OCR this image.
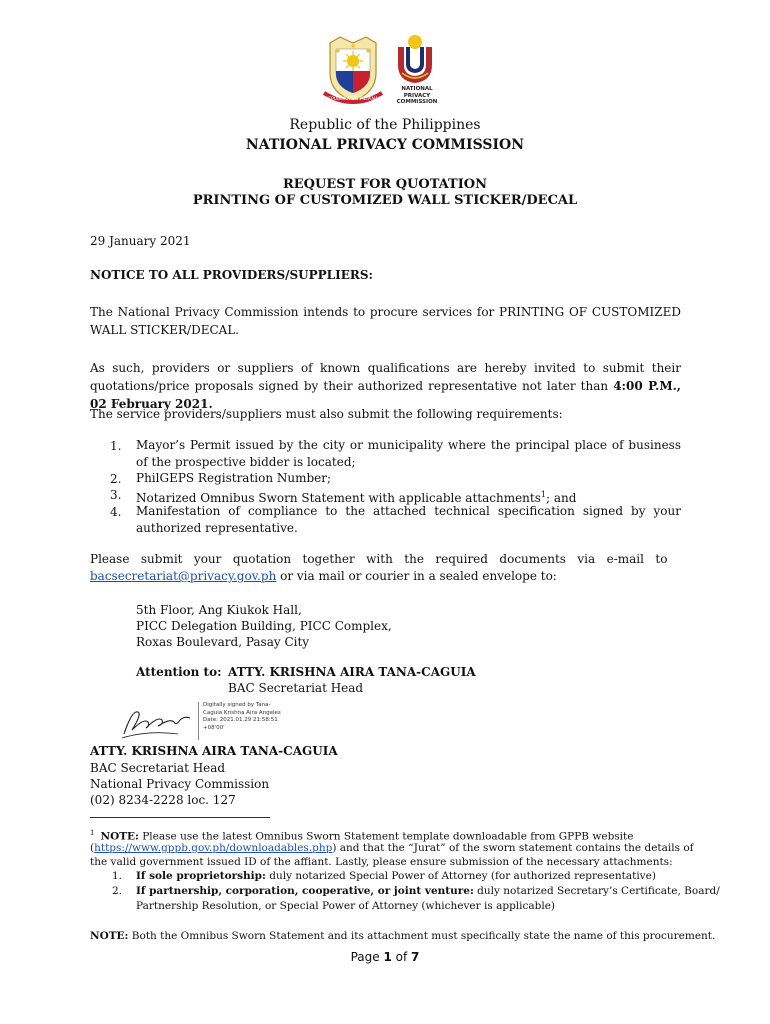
REPUBLIKA NG PILIPINAS
NATIONAL
PRIVACY
COMMISSION
Republic of the Philippines
NATIONAL PRIVACY COMMISSION
REQUEST FOR QUOTATION
PRINTING OF CUSTOMIZED WALL STICKER/DECAL
29 January 2021
NOTICE TO ALL PROVIDERS/SUPPLIERS:
The National Privacy Commission intends to procure services for PRINTING OF CUSTOMIZED WALL STICKER/DECAL.
As such, providers or suppliers of known qualifications are hereby invited to submit their quotations/price proposals signed by their authorized representative not later than 4:00 P.M., 02 February 2021.
The service providers/suppliers must also submit the following requirements:
1. Mayor’s Permit issued by the city or municipality where the principal place of business of the prospective bidder is located;
2. PhilGEPS Registration Number;
3. Notarized Omnibus Sworn Statement with applicable attachments$^1$; and
4. Manifestation of compliance to the attached technical specification signed by your authorized representative.
Please   submit   your   quotation   together   with   the   required   documents   via   e-mail   to
bacsecretariat@privacy.gov.ph or via mail or courier in a sealed envelope to:
5th Floor, Ang Kiukok Hall,
PICC Delegation Building, PICC Complex,
Roxas Boulevard, Pasay City
Attention to: ATTY. KRISHNA AIRA TANA-CAGUIA
BAC Secretariat Head
Digitally signed by Tana-
Caguia Krishna Aira Angeles
Date: 2021.01.29 21:58:51
+08'00'
ATTY. KRISHNA AIRA TANA-CAGUIA
BAC Secretariat Head
National Privacy Commission
(02) 8234-2228 loc. 127
$^1$ NOTE: Please use the latest Omnibus Sworn Statement template downloadable from GPPB website
(https://www.gppb.gov.ph/downloadables.php) and that the “Jurat” of the sworn statement contains the details of
the valid government issued ID of the affiant. Lastly, please ensure submission of the necessary attachments:
1. If sole proprietorship: duly notarized Special Power of Attorney (for authorized representative)
2. If partnership, corporation, cooperative, or joint venture: duly notarized Secretary’s Certificate, Board/
Partnership Resolution, or Special Power of Attorney (whichever is applicable)
NOTE: Both the Omnibus Sworn Statement and its attachment must specifically state the name of this procurement.
Page 1 of 7
